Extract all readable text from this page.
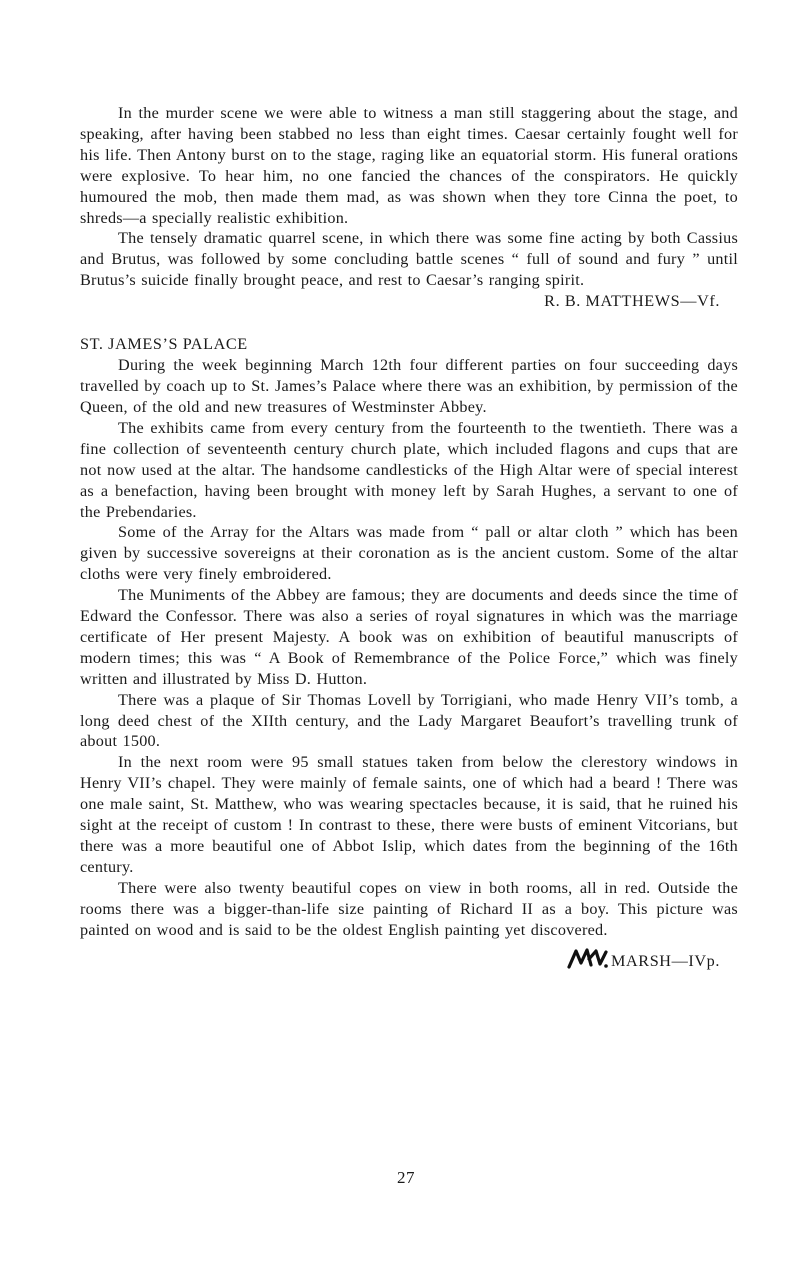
In the murder scene we were able to witness a man still staggering about the stage, and speaking, after having been stabbed no less than eight times. Caesar certainly fought well for his life. Then Antony burst on to the stage, raging like an equatorial storm. His funeral orations were explosive. To hear him, no one fancied the chances of the conspirators. He quickly humoured the mob, then made them mad, as was shown when they tore Cinna the poet, to shreds—a specially realistic exhibition.

The tensely dramatic quarrel scene, in which there was some fine acting by both Cassius and Brutus, was followed by some concluding battle scenes “ full of sound and fury ” until Brutus’s suicide finally brought peace, and rest to Caesar’s ranging spirit.

R. B. MATTHEWS—Vf.

ST. JAMES’S PALACE

During the week beginning March 12th four different parties on four succeeding days travelled by coach up to St. James’s Palace where there was an exhibition, by permission of the Queen, of the old and new treasures of Westminster Abbey.

The exhibits came from every century from the fourteenth to the twentieth. There was a fine collection of seventeenth century church plate, which included flagons and cups that are not now used at the altar. The handsome candlesticks of the High Altar were of special interest as a benefaction, having been brought with money left by Sarah Hughes, a servant to one of the Prebendaries.

Some of the Array for the Altars was made from “ pall or altar cloth ” which has been given by successive sovereigns at their coronation as is the ancient custom. Some of the altar cloths were very finely embroidered.

The Muniments of the Abbey are famous; they are documents and deeds since the time of Edward the Confessor. There was also a series of royal signatures in which was the marriage certificate of Her present Majesty. A book was on exhibition of beautiful manuscripts of modern times; this was “ A Book of Remembrance of the Police Force,” which was finely written and illustrated by Miss D. Hutton.

There was a plaque of Sir Thomas Lovell by Torrigiani, who made Henry VII’s tomb, a long deed chest of the XIIth century, and the Lady Margaret Beaufort’s travelling trunk of about 1500.

In the next room were 95 small statues taken from below the clerestory windows in Henry VII’s chapel. They were mainly of female saints, one of which had a beard ! There was one male saint, St. Matthew, who was wearing spectacles because, it is said, that he ruined his sight at the receipt of custom ! In contrast to these, there were busts of eminent Vitcorians, but there was a more beautiful one of Abbot Islip, which dates from the beginning of the 16th century.

There were also twenty beautiful copes on view in both rooms, all in red. Outside the rooms there was a bigger-than-life size painting of Richard II as a boy. This picture was painted on wood and is said to be the oldest English painting yet discovered.

MARSH—IVp.

27
